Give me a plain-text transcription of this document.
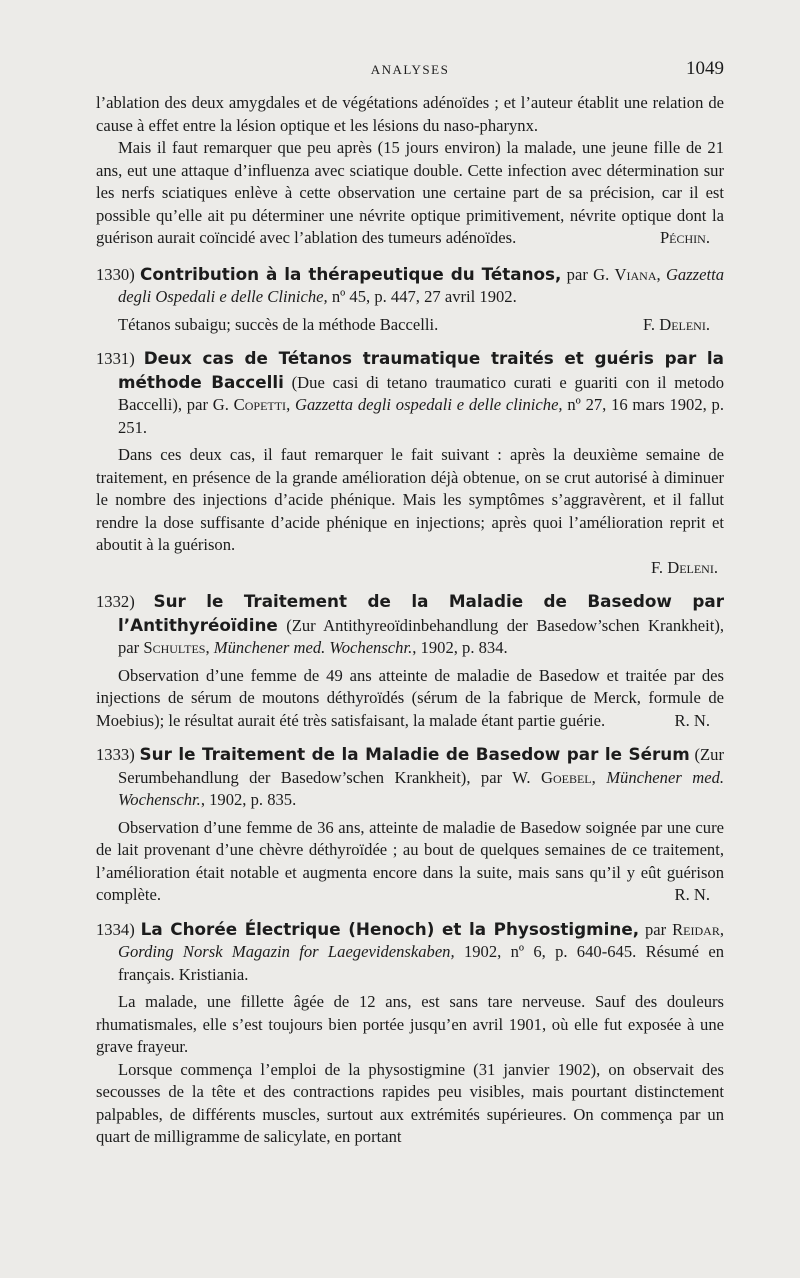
ANALYSES	1049

l’ablation des deux amygdales et de végétations adénoïdes ; et l’auteur établit une relation de cause à effet entre la lésion optique et les lésions du naso-pharynx.

Mais il faut remarquer que peu après (15 jours environ) la malade, une jeune fille de 21 ans, eut une attaque d’influenza avec sciatique double. Cette infection avec détermination sur les nerfs sciatiques enlève à cette observation une certaine part de sa précision, car il est possible qu’elle ait pu déterminer une névrite optique primitivement, névrite optique dont la guérison aurait coïncidé avec l’ablation des tumeurs adénoïdes.	Péchin.

1330) Contribution à la thérapeutique du Tétanos, par G. Viana, Gazzetta degli Ospedali e delle Cliniche, nº 45, p. 447, 27 avril 1902.

Tétanos subaigu; succès de la méthode Baccelli.	F. Deleni.

1331) Deux cas de Tétanos traumatique traités et guéris par la méthode Baccelli (Due casi di tetano traumatico curati e guariti con il metodo Baccelli), par G. Copetti, Gazzetta degli ospedali e delle cliniche, nº 27, 16 mars 1902, p. 251.

Dans ces deux cas, il faut remarquer le fait suivant : après la deuxième semaine de traitement, en présence de la grande amélioration déjà obtenue, on se crut autorisé à diminuer le nombre des injections d’acide phénique. Mais les symptômes s’aggravèrent, et il fallut rendre la dose suffisante d’acide phénique en injections; après quoi l’amélioration reprit et aboutit à la guérison.

F. Deleni.

1332) Sur le Traitement de la Maladie de Basedow par l’Antithyréoïdine (Zur Antithyreoïdinbehandlung der Basedow’schen Krankheit), par Schultes, Münchener med. Wochenschr., 1902, p. 834.

Observation d’une femme de 49 ans atteinte de maladie de Basedow et traitée par des injections de sérum de moutons déthyroïdés (sérum de la fabrique de Merck, formule de Moebius); le résultat aurait été très satisfaisant, la malade étant partie guérie.	R. N.

1333) Sur le Traitement de la Maladie de Basedow par le Sérum (Zur Serumbehandlung der Basedow’schen Krankheit), par W. Goebel, Münchener med. Wochenschr., 1902, p. 835.

Observation d’une femme de 36 ans, atteinte de maladie de Basedow soignée par une cure de lait provenant d’une chèvre déthyroïdée ; au bout de quelques semaines de ce traitement, l’amélioration était notable et augmenta encore dans la suite, mais sans qu’il y eût guérison complète.	R. N.

1334) La Chorée Électrique (Henoch) et la Physostigmine, par Reidar, Gording Norsk Magazin for Laegevidenskaben, 1902, nº 6, p. 640-645. Résumé en français. Kristiania.

La malade, une fillette âgée de 12 ans, est sans tare nerveuse. Sauf des douleurs rhumatismales, elle s’est toujours bien portée jusqu’en avril 1901, où elle fut exposée à une grave frayeur.

Lorsque commença l’emploi de la physostigmine (31 janvier 1902), on observait des secousses de la tête et des contractions rapides peu visibles, mais pourtant distinctement palpables, de différents muscles, surtout aux extrémités supérieures. On commença par un quart de milligramme de salicylate, en portant
